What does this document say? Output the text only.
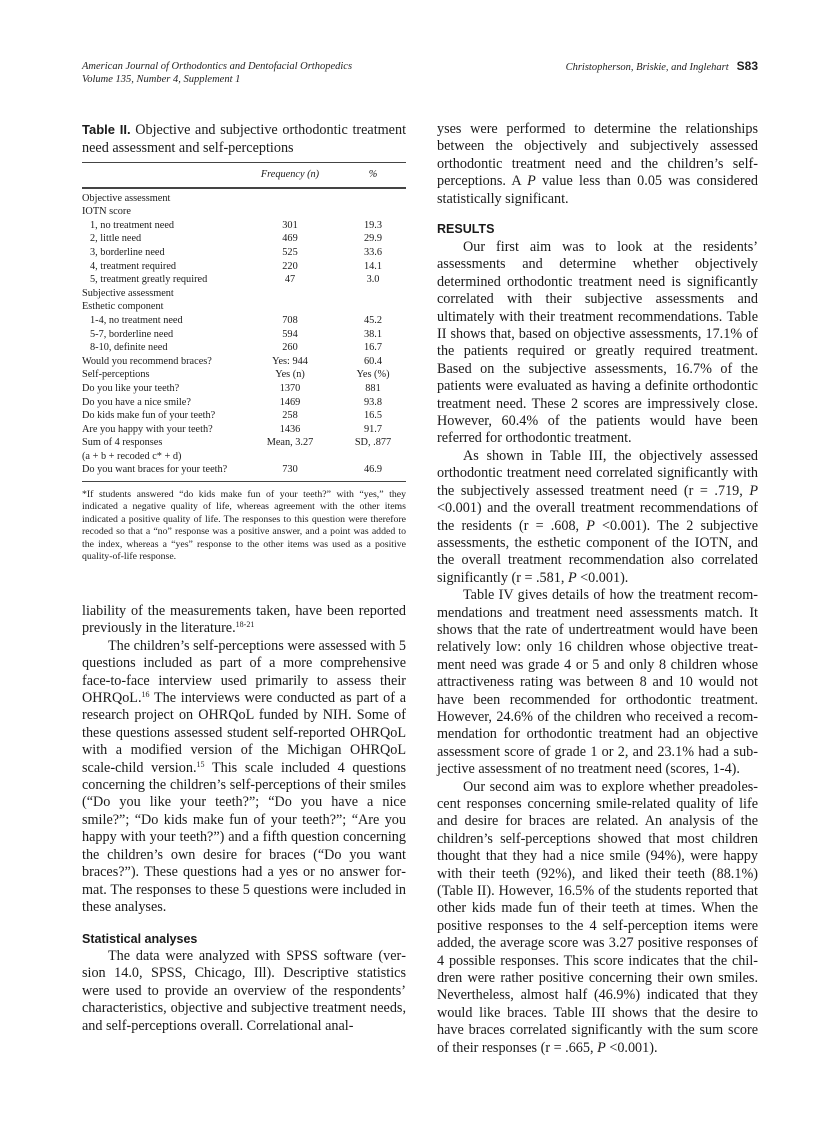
American Journal of Orthodontics and Dentofacial Orthopedics
Volume 135, Number 4, Supplement 1
Christopherson, Briskie, and Inglehart S83
Table II. Objective and subjective orthodontic treatment need assessment and self-perceptions
	Frequency (n)	%
Objective assessment		
IOTN score		
1, no treatment need	301	19.3
2, little need	469	29.9
3, borderline need	525	33.6
4, treatment required	220	14.1
5, treatment greatly required	47	3.0
Subjective assessment		
Esthetic component		
1-4, no treatment need	708	45.2
5-7, borderline need	594	38.1
8-10, definite need	260	16.7
Would you recommend braces?	Yes: 944	60.4
Self-perceptions	Yes (n)	Yes (%)
Do you like your teeth?	1370	881
Do you have a nice smile?	1469	93.8
Do kids make fun of your teeth?	258	16.5
Are you happy with your teeth?	1436	91.7
Sum of 4 responses	Mean, 3.27	SD, .877
(a + b + recoded c* + d)		
Do you want braces for your teeth?	730	46.9
*If students answered “do kids make fun of your teeth?” with “yes,” they indicated a negative quality of life, whereas agreement with the other items indicated a positive quality of life. The responses to this question were therefore recoded so that a “no” response was a positive answer, and a point was added to the index, whereas a “yes” response to the other items was used as a positive quality-of-life response.

liability of the measurements taken, have been reported previously in the literature.$^{18-21}$

The children’s self-perceptions were assessed with 5 questions included as part of a more comprehensive face-to-face interview used primarily to assess their OHRQoL.$^{16}$ The interviews were conducted as part of a research project on OHRQoL funded by NIH. Some of these questions assessed student self-reported OHRQoL with a modified version of the Michigan OHRQoL scale-child version.$^{15}$ This scale included 4 questions concerning the children’s self-perceptions of their smiles (“Do you like your teeth?”; “Do you have a nice smile?”; “Do kids make fun of your teeth?”; “Are you happy with your teeth?”) and a fifth question concerning the children’s own desire for braces (“Do you want braces?”). These questions had a yes or no answer format. The responses to these 5 questions were included in these analyses.

Statistical analyses

The data were analyzed with SPSS software (version 14.0, SPSS, Chicago, Ill). Descriptive statistics were used to provide an overview of the respondents’ characteristics, objective and subjective treatment needs, and self-perceptions overall. Correlational anal-

yses were performed to determine the relationships between the objectively and subjectively assessed orthodontic treatment need and the children’s self-perceptions. A P value less than 0.05 was considered statistically significant.

RESULTS

Our first aim was to look at the residents’ assessments and determine whether objectively determined orthodontic treatment need is significantly correlated with their subjective assessments and ultimately with their treatment recommendations. Table II shows that, based on objective assessments, 17.1% of the patients required or greatly required treatment. Based on the subjective assessments, 16.7% of the patients were evaluated as having a definite orthodontic treatment need. These 2 scores are impressively close. However, 60.4% of the patients would have been referred for orthodontic treatment.

As shown in Table III, the objectively assessed orthodontic treatment need correlated significantly with the subjectively assessed treatment need (r = .719, P <0.001) and the overall treatment recommendations of the residents (r = .608, P <0.001). The 2 subjective assessments, the esthetic component of the IOTN, and the overall treatment recommendation also correlated significantly (r = .581, P <0.001).

Table IV gives details of how the treatment recommendations and treatment need assessments match. It shows that the rate of undertreatment would have been relatively low: only 16 children whose objective treatment need was grade 4 or 5 and only 8 children whose attractiveness rating was between 8 and 10 would not have been recommended for orthodontic treatment. However, 24.6% of the children who received a recommendation for orthodontic treatment had an objective assessment score of grade 1 or 2, and 23.1% had a subjective assessment of no treatment need (scores, 1-4).

Our second aim was to explore whether preadolescent responses concerning smile-related quality of life and desire for braces are related. An analysis of the children’s self-perceptions showed that most children thought that they had a nice smile (94%), were happy with their teeth (92%), and liked their teeth (88.1%) (Table II). However, 16.5% of the students reported that other kids made fun of their teeth at times. When the positive responses to the 4 self-perception items were added, the average score was 3.27 positive responses of 4 possible responses. This score indicates that the children were rather positive concerning their own smiles. Nevertheless, almost half (46.9%) indicated that they would like braces. Table III shows that the desire to have braces correlated significantly with the sum score of their responses (r = .665, P <0.001).
